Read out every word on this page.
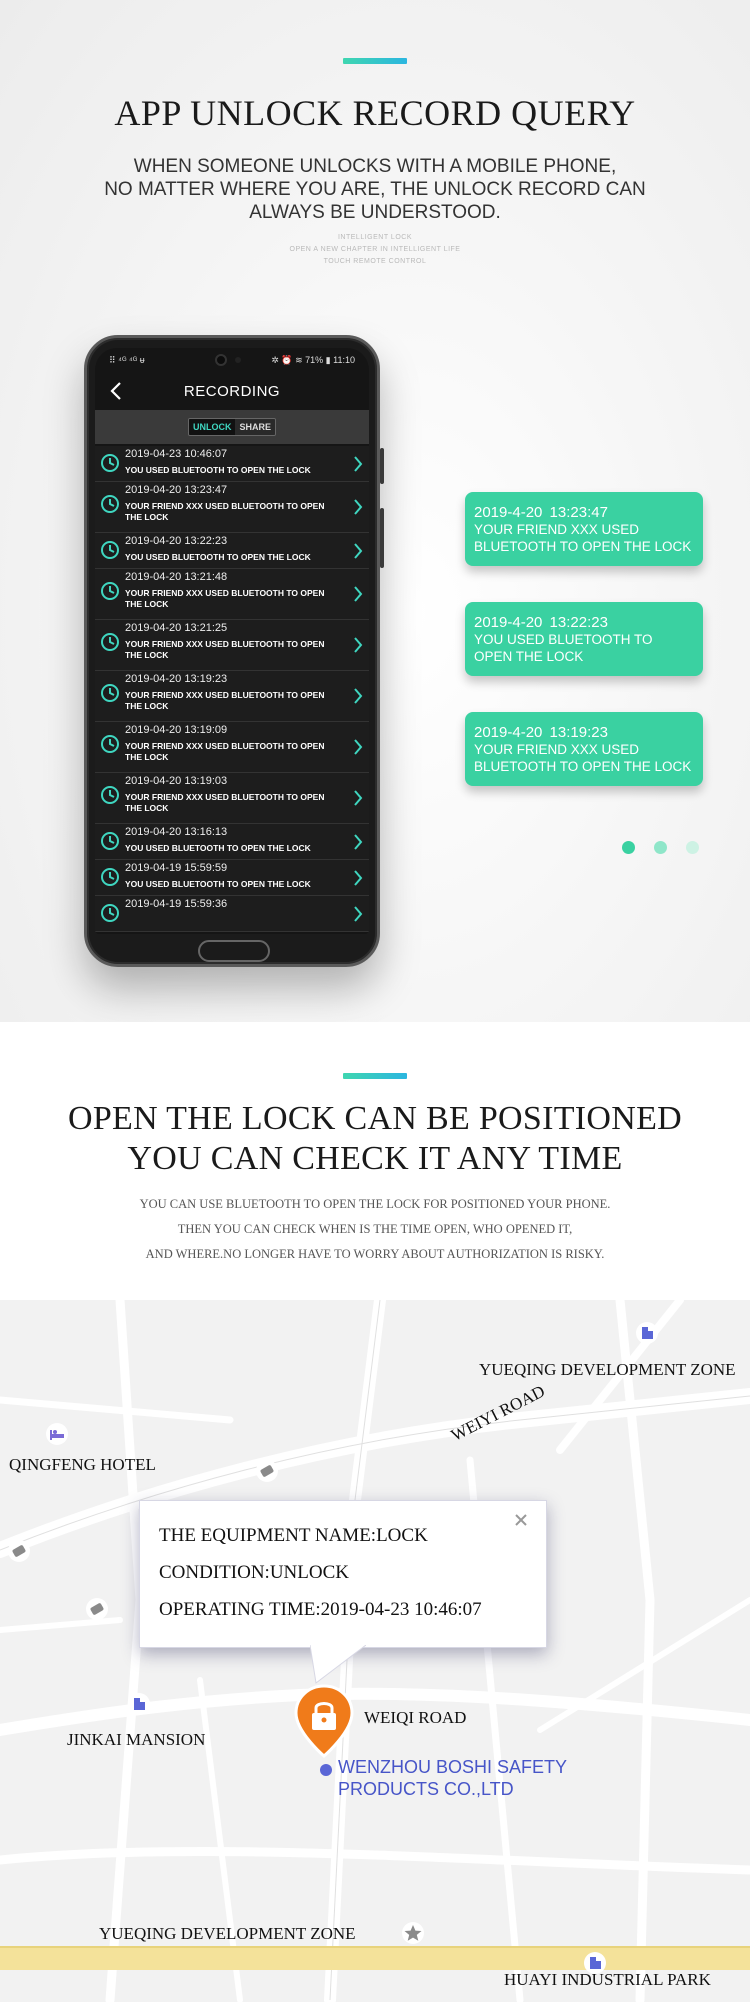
APP UNLOCK RECORD QUERY
WHEN SOMEONE UNLOCKS WITH A MOBILE PHONE,
NO MATTER WHERE YOU ARE, THE UNLOCK RECORD CAN
ALWAYS BE UNDERSTOOD.
INTELLIGENT LOCK
OPEN A NEW CHAPTER IN INTELLIGENT LIFE
TOUCH REMOTE CONTROL
⠿ ⁴ᴳ ⁴ᴳ ᵾ	✲ ⏰ ≋ 71% ▮ 11:10
RECORDING
UNLOCK SHARE
2019-04-23 10:46:07
YOU USED BLUETOOTH TO OPEN THE LOCK
2019-04-20 13:23:47
YOUR FRIEND XXX USED BLUETOOTH TO OPEN THE LOCK
2019-04-20 13:22:23
YOU USED BLUETOOTH TO OPEN THE LOCK
2019-04-20 13:21:48
YOUR FRIEND XXX USED BLUETOOTH TO OPEN THE LOCK
2019-04-20 13:21:25
YOUR FRIEND XXX USED BLUETOOTH TO OPEN THE LOCK
2019-04-20 13:19:23
YOUR FRIEND XXX USED BLUETOOTH TO OPEN THE LOCK
2019-04-20 13:19:09
YOUR FRIEND XXX USED BLUETOOTH TO OPEN THE LOCK
2019-04-20 13:19:03
YOUR FRIEND XXX USED BLUETOOTH TO OPEN THE LOCK
2019-04-20 13:16:13
YOU USED BLUETOOTH TO OPEN THE LOCK
2019-04-19 15:59:59
YOU USED BLUETOOTH TO OPEN THE LOCK
2019-04-19 15:59:36
2019-4-20 13:23:47
YOUR FRIEND XXX USED BLUETOOTH TO OPEN THE LOCK
2019-4-20 13:22:23
YOU USED BLUETOOTH TO OPEN THE LOCK
2019-4-20 13:19:23
YOUR FRIEND XXX USED BLUETOOTH TO OPEN THE LOCK
OPEN THE LOCK CAN BE POSITIONED
YOU CAN CHECK IT ANY TIME
YOU CAN USE BLUETOOTH TO OPEN THE LOCK FOR POSITIONED YOUR PHONE.
THEN YOU CAN CHECK WHEN IS THE TIME OPEN, WHO OPENED IT,
AND WHERE.NO LONGER HAVE TO WORRY ABOUT AUTHORIZATION IS RISKY.
YUEQING DEVELOPMENT ZONE
WEIYI ROAD
QINGFENG HOTEL
WEIQI ROAD
JINKAI MANSION
YUEQING DEVELOPMENT ZONE
HUAYI INDUSTRIAL PARK
THE EQUIPMENT NAME:LOCK
CONDITION:UNLOCK
OPERATING TIME:2019-04-23 10:46:07
WENZHOU BOSHI SAFETY
PRODUCTS CO.,LTD
